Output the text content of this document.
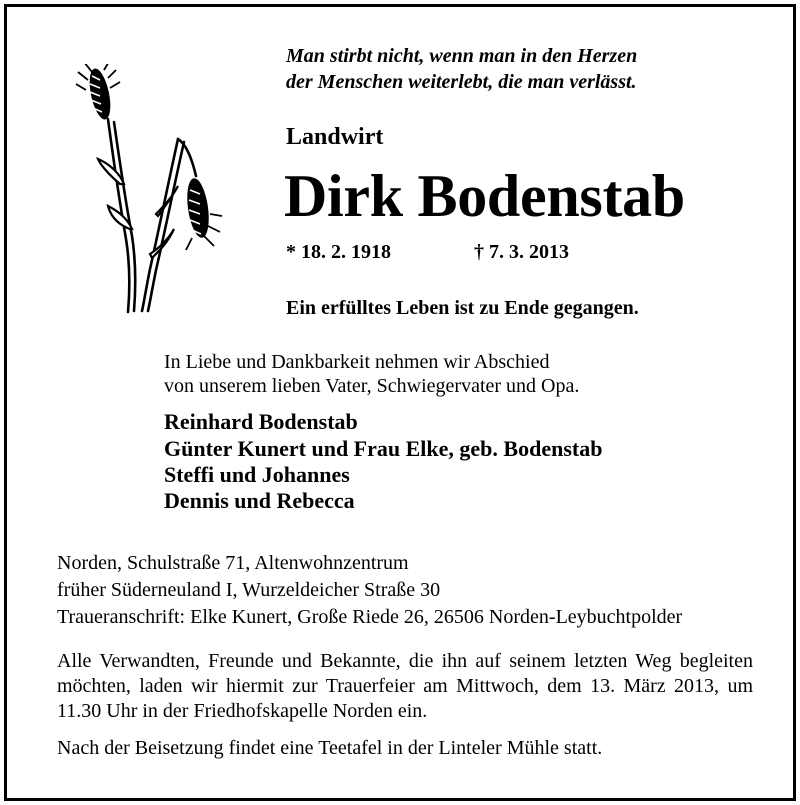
Man stirbt nicht, wenn man in den Herzen
der Menschen weiterlebt, die man verlässt.
Landwirt
Dirk Bodenstab
* 18. 2. 1918	† 7. 3. 2013
Ein erfülltes Leben ist zu Ende gegangen.
In Liebe und Dankbarkeit nehmen wir Abschied
von unserem lieben Vater, Schwiegervater und Opa.
Reinhard Bodenstab
Günter Kunert und Frau Elke, geb. Bodenstab
Steffi und Johannes
Dennis und Rebecca
Norden, Schulstraße 71, Altenwohnzentrum
früher Süderneuland I, Wurzeldeicher Straße 30
Traueranschrift: Elke Kunert, Große Riede 26, 26506 Norden-Leybuchtpolder
Alle Verwandten, Freunde und Bekannte, die ihn auf seinem letzten Weg begleiten möchten, laden wir hiermit zur Trauerfeier am Mittwoch, dem 13. März 2013, um 11.30 Uhr in der Friedhofskapelle Norden ein.
Nach der Beisetzung findet eine Teetafel in der Linteler Mühle statt.
